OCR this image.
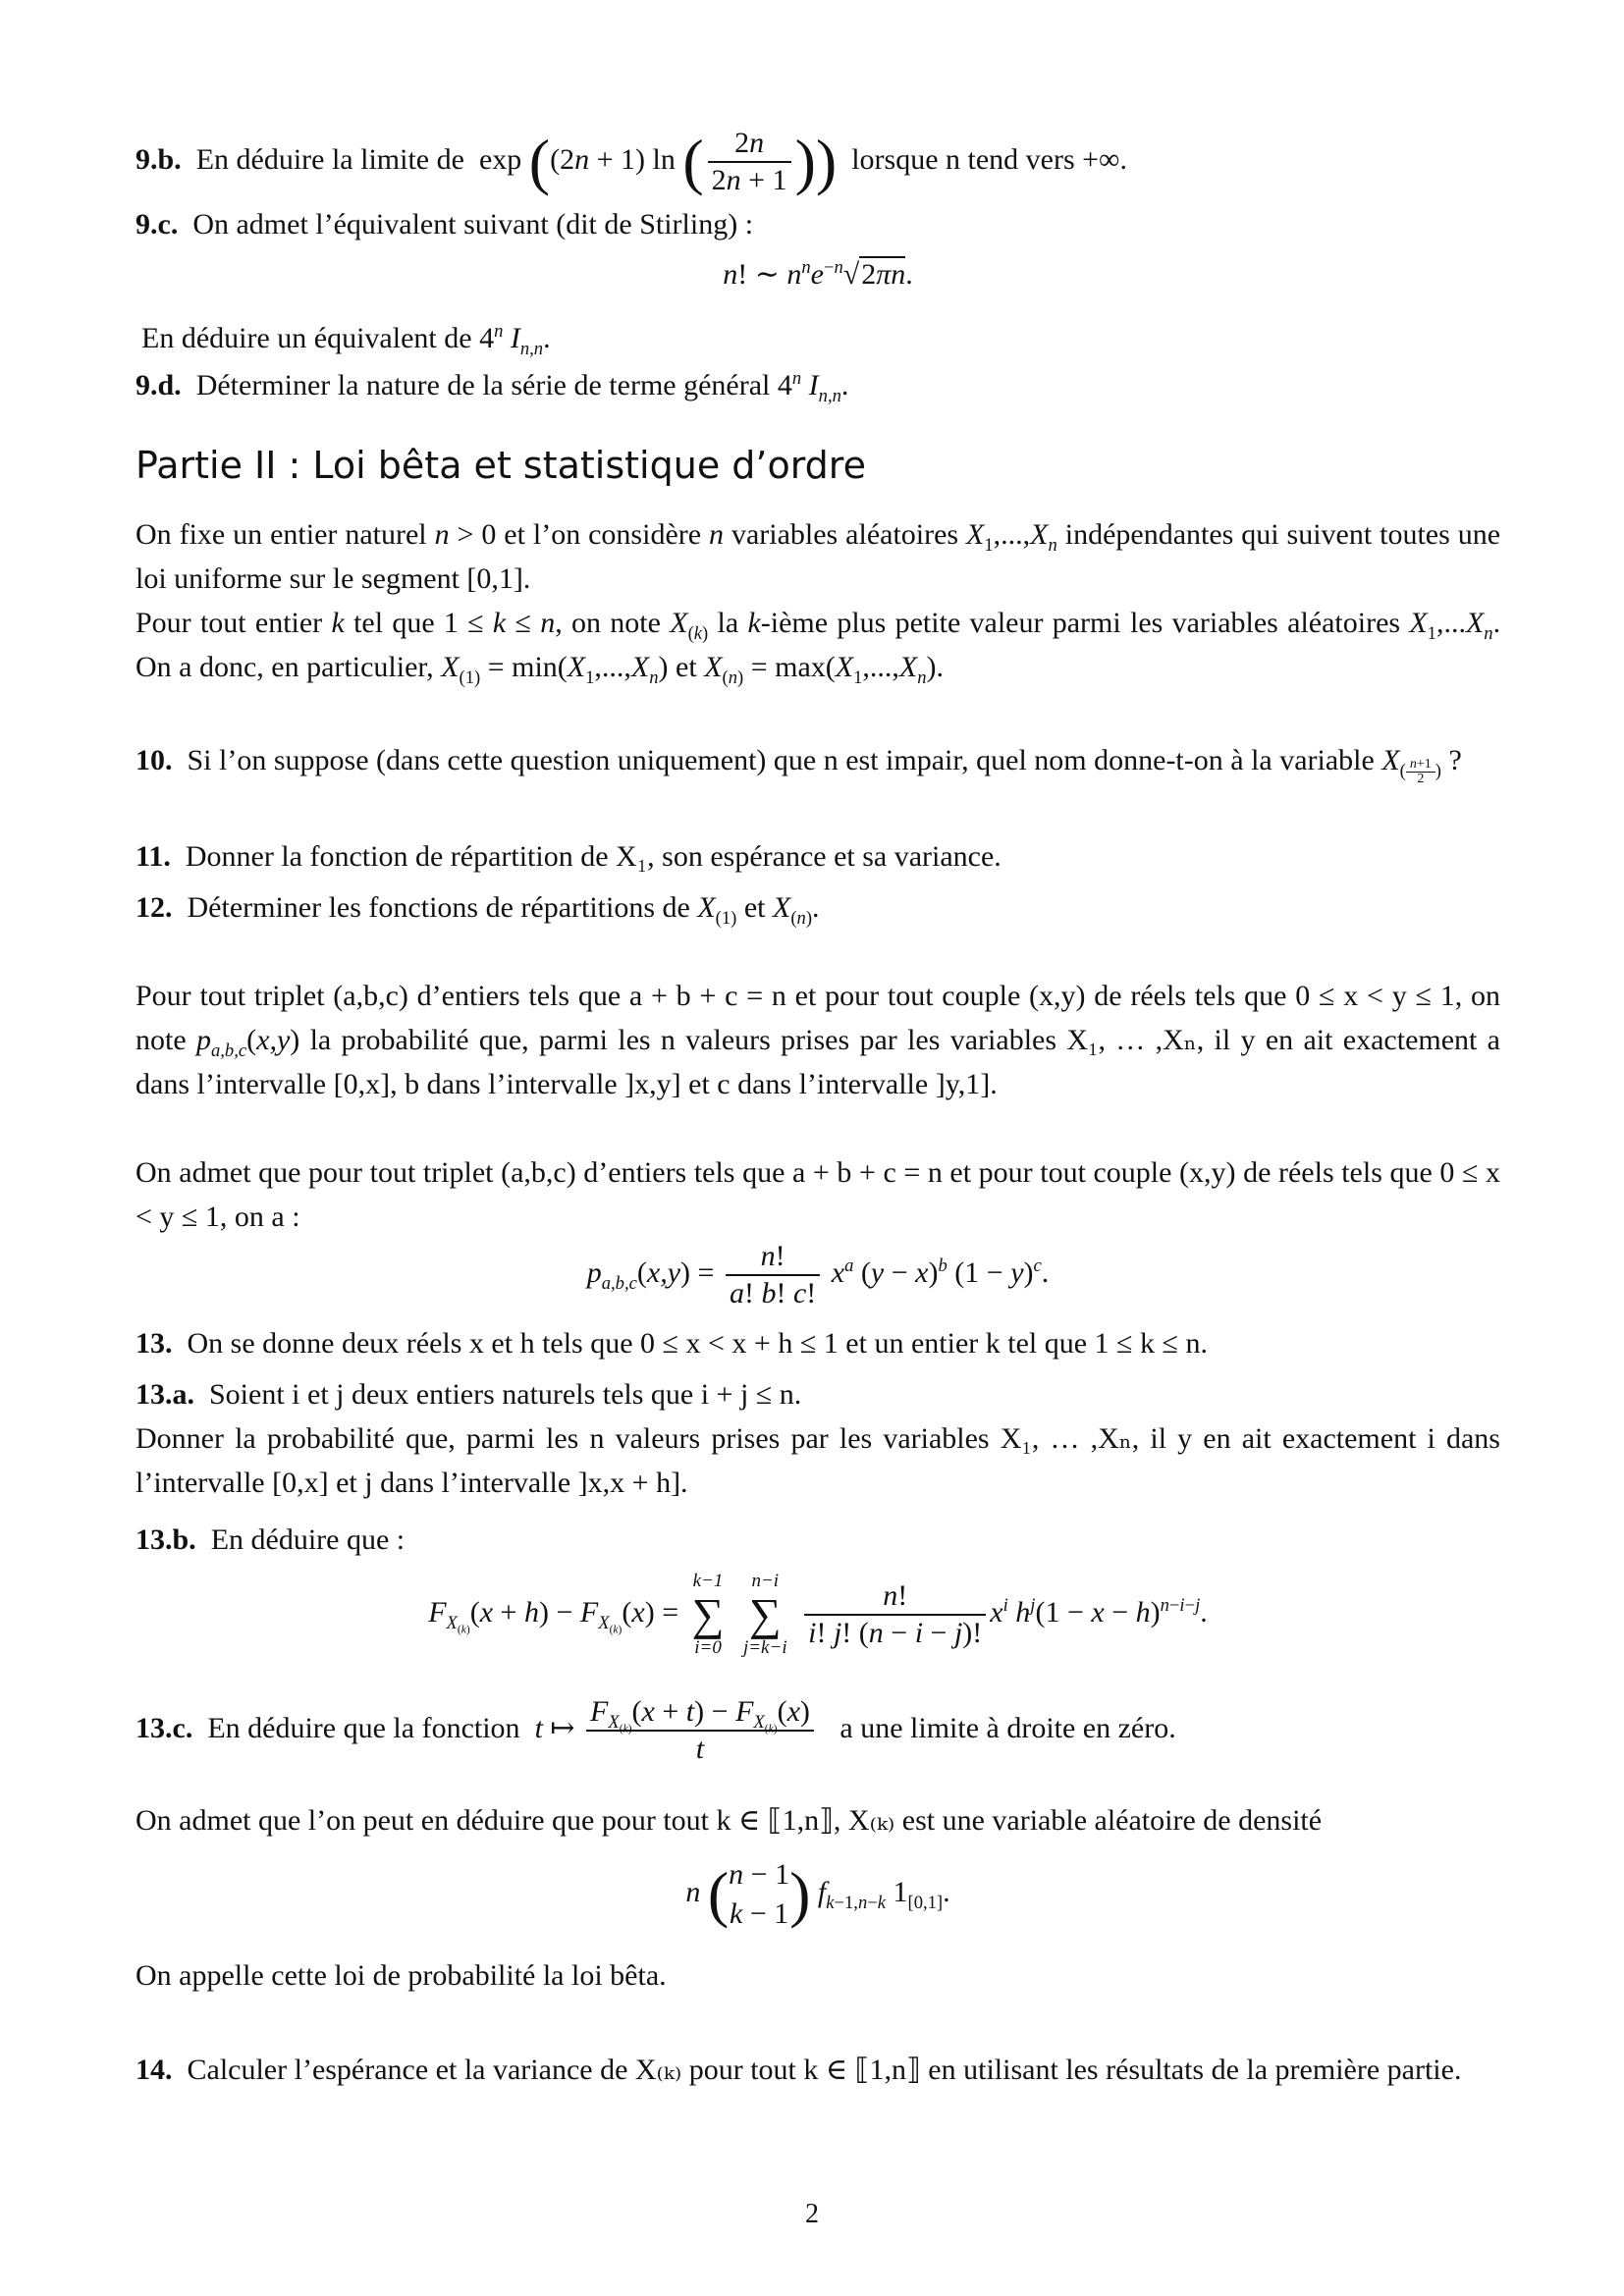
9.b. En déduire la limite de exp ((2n + 1) ln ( $\frac{2n}{2n + 1}$ )) lorsque n tend vers +∞.
9.c. On admet l’équivalent suivant (dit de Stirling) :
n! ∼ $n^ne^{-n}√2\pi n$.
En déduire un équivalent de 4$^n$ $I_{n,n}$.
9.d. Déterminer la nature de la série de terme général 4$^n$ $I_{n,n}$.
Partie II : Loi bêta et statistique d’ordre
On fixe un entier naturel n > 0 et l’on considère n variables aléatoires $X_1,...,X_n$ indépendantes qui suivent toutes une loi uniforme sur le segment [0,1].
Pour tout entier k tel que 1 ≤ k ≤ n, on note $X_{(k)}$ la k-ième plus petite valeur parmi les variables aléatoires $X_1,...X_n$. On a donc, en particulier, $X_{(1)} = \min(X_1,...,X_n)$ et $X_{(n)} = \max(X_1,...,X_n)$.
10. Si l’on suppose (dans cette question uniquement) que n est impair, quel nom donne-t-on à la variable $X_{( \frac{n+1}{2} )}$ ?
11. Donner la fonction de répartition de X₁, son espérance et sa variance.
12. Déterminer les fonctions de répartitions de $X_{(1)}$ et $X_{(n)}$.
Pour tout triplet (a,b,c) d’entiers tels que a + b + c = n et pour tout couple (x,y) de réels tels que 0 ≤ x < y ≤ 1, on note $p_{a,b,c}(x,y)$ la probabilité que, parmi les n valeurs prises par les variables X₁, … ,Xₙ, il y en ait exactement a dans l’intervalle [0,x], b dans l’intervalle ]x,y] et c dans l’intervalle ]y,1].
On admet que pour tout triplet (a,b,c) d’entiers tels que a + b + c = n et pour tout couple (x,y) de réels tels que 0 ≤ x < y ≤ 1, on a :
$p_{a,b,c}(x,y) = \frac{n!}{a! b! c!} x^a$ $(y - x)^b$ $(1 - y)^c$.
13. On se donne deux réels x et h tels que 0 ≤ x < x + h ≤ 1 et un entier k tel que 1 ≤ k ≤ n.
13.a. Soient i et j deux entiers naturels tels que i + j ≤ n.
Donner la probabilité que, parmi les n valeurs prises par les variables X₁, … ,Xₙ, il y en ait exactement i dans l’intervalle [0,x] et j dans l’intervalle ]x,x + h].
13.b. En déduire que :
$F_{X_{(k)}}(x + h) - F_{X_{(k)}}(x)$ =
k−1
∑
i=0

n−i
∑
j=k−i
$\frac{n!}{i! j! (n - i - j)!} x^i$ $h^j(1 - x - h)^{n-i-j}$.
13.c. En déduire que la fonction t ↦ $\frac{F_{X_{(k)}}(x + t) - F_{X_{(k)}}(x)}{t}$ a une limite à droite en zéro.
On admet que l’on peut en déduire que pour tout k ∈ ⟦1,n⟧, X₍ₖ₎ est une variable aléatoire de densité
n (n − 1
k − 1) $f_{k-1,n-k}$ $1_{[0,1]}$.
On appelle cette loi de probabilité la loi bêta.
14. Calculer l’espérance et la variance de X₍ₖ₎ pour tout k ∈ ⟦1,n⟧ en utilisant les résultats de la première partie.
2
